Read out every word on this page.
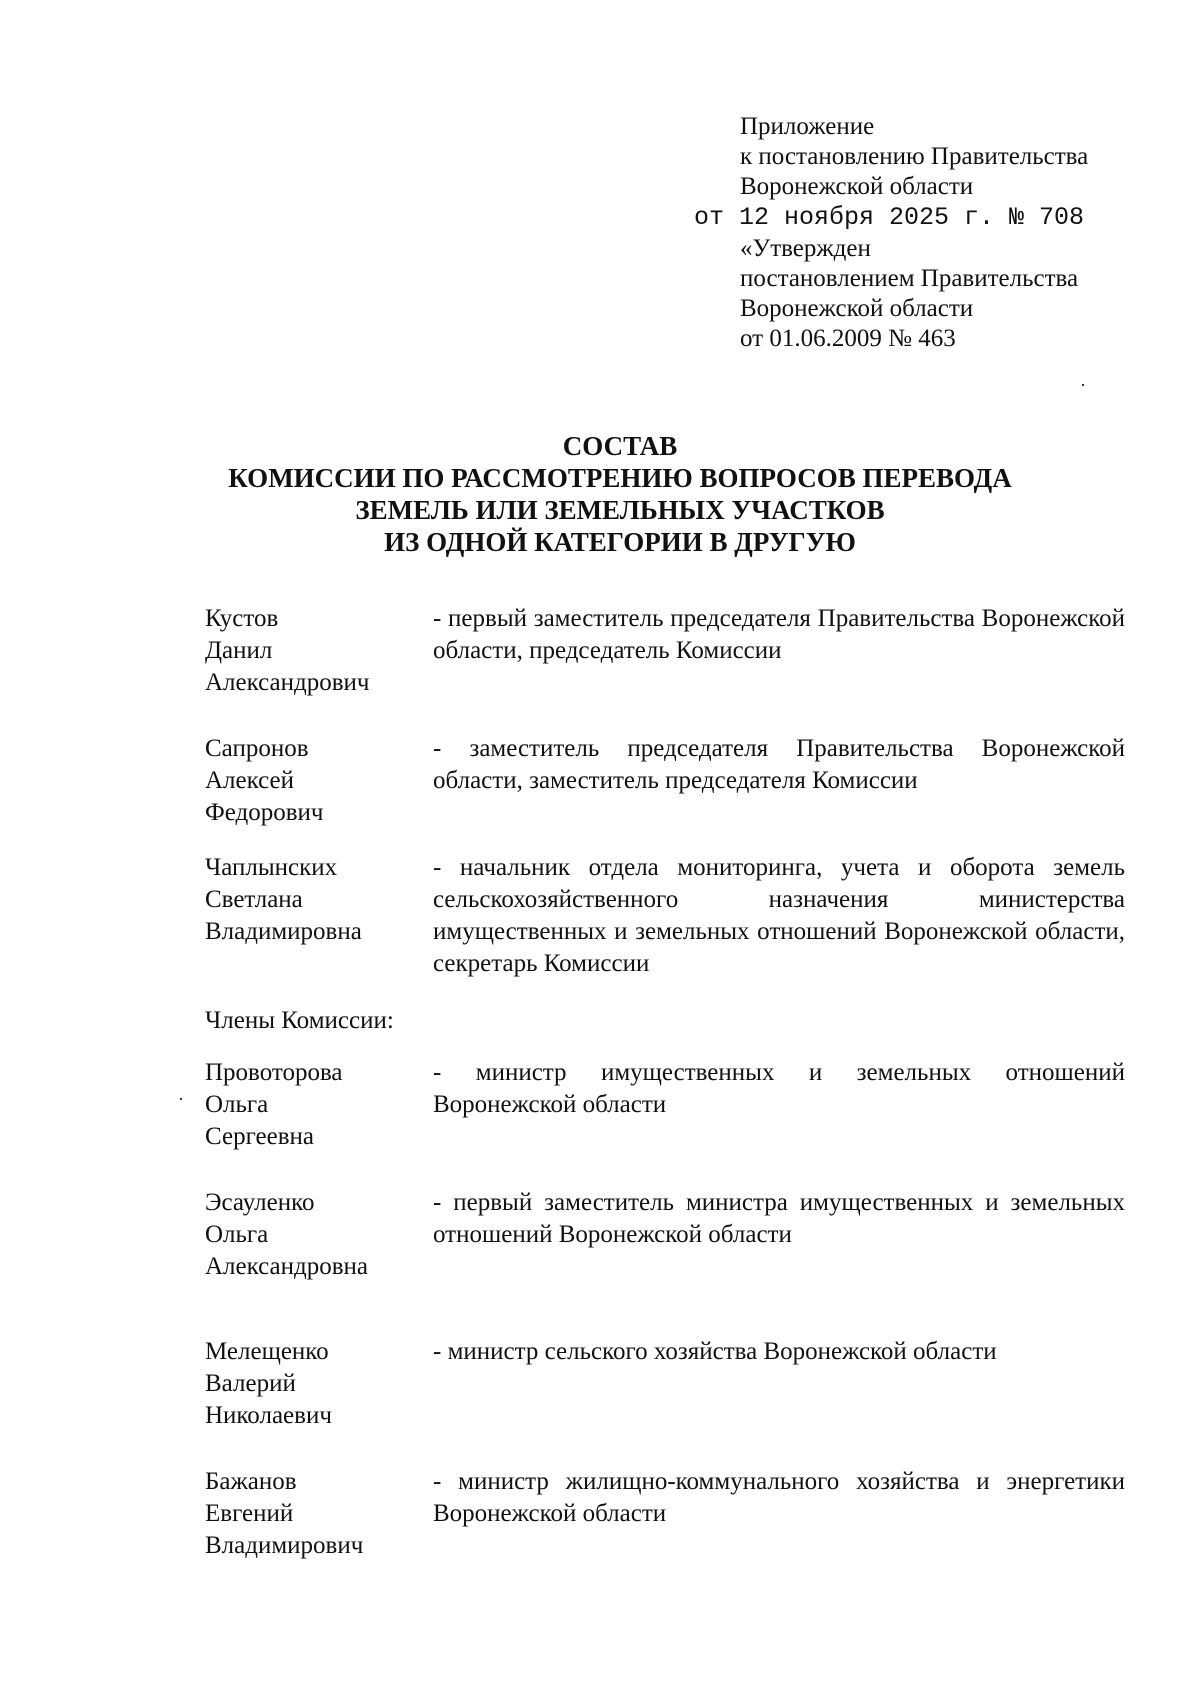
Приложение
к постановлению Правительства
Воронежской области
от 12 ноября 2025 г. № 708
«Утвержден
постановлением Правительства
Воронежской области
от 01.06.2009 № 463
СОСТАВ
КОМИССИИ ПО РАССМОТРЕНИЮ ВОПРОСОВ ПЕРЕВОДА
ЗЕМЕЛЬ ИЛИ ЗЕМЕЛЬНЫХ УЧАСТКОВ
ИЗ ОДНОЙ КАТЕГОРИИ В ДРУГУЮ
Кустов
Данил
Александрович
- первый заместитель председателя Правительства Воронежской области, председатель Комиссии
Сапронов
Алексей
Федорович
- заместитель председателя Правительства Воронежской области, заместитель председателя Комиссии
Чаплынских
Светлана
Владимировна
- начальник отдела мониторинга, учета и оборота земель сельскохозяйственного назначения министерства имущественных и земельных отношений Воронежской области, секретарь Комиссии
Члены Комиссии:
Провоторова
Ольга
Сергеевна
- министр имущественных и земельных отношений Воронежской области
Эсауленко
Ольга
Александровна
- первый заместитель министра имущественных и земельных отношений Воронежской области
Мелещенко
Валерий
Николаевич
- министр сельского хозяйства Воронежской области
Бажанов
Евгений
Владимирович
- министр жилищно-коммунального хозяйства и энергетики Воронежской области
